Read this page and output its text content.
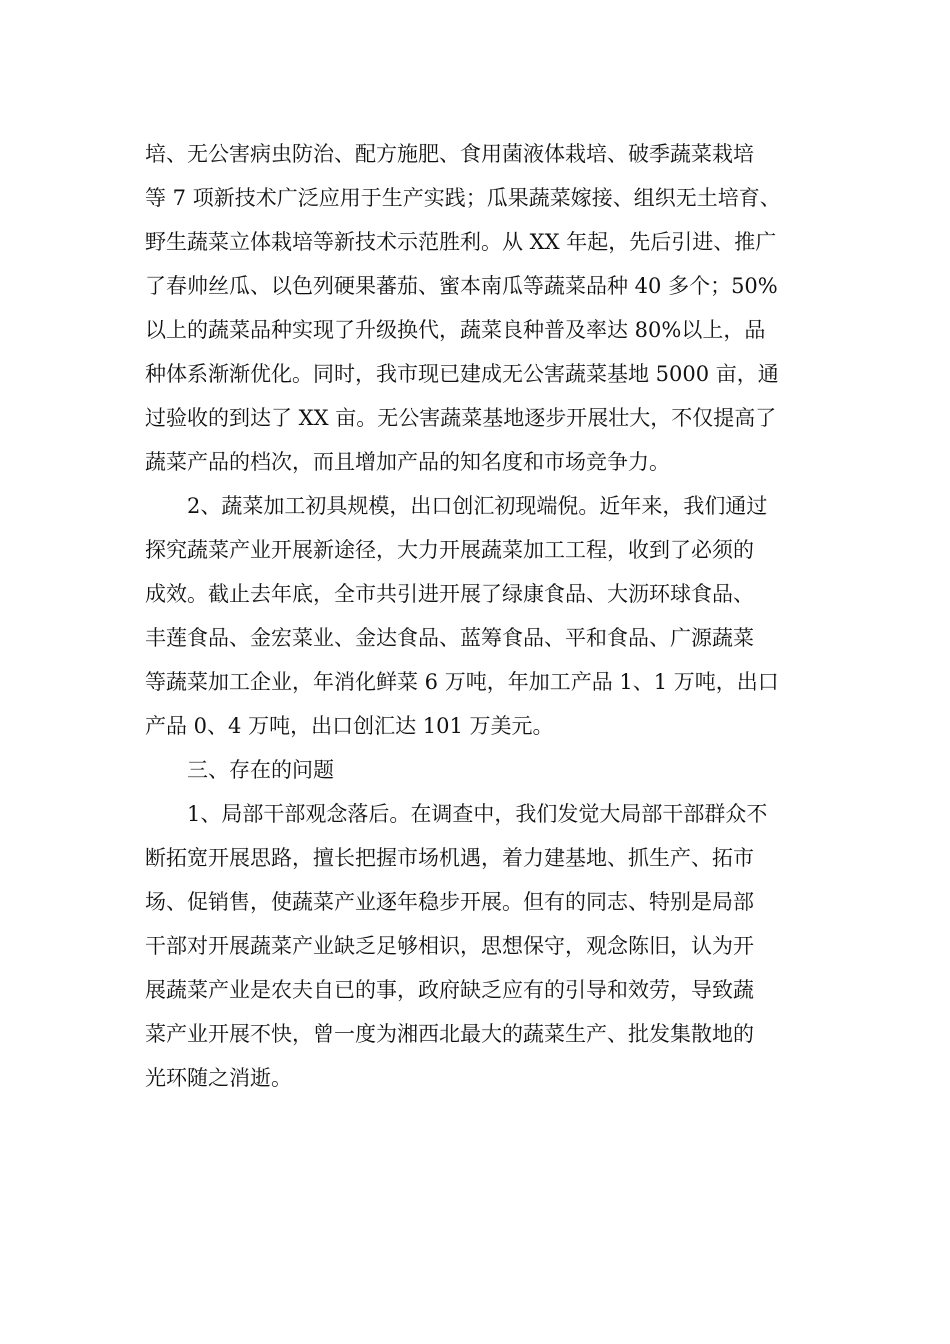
培、无公害病虫防治、配方施肥、食用菌液体栽培、破季蔬菜栽培
等 7 项新技术广泛应用于生产实践；瓜果蔬菜嫁接、组织无土培育、
野生蔬菜立体栽培等新技术示范胜利。从 XX 年起，先后引进、推广
了春帅丝瓜、以色列硬果蕃茄、蜜本南瓜等蔬菜品种 40 多个；50%
以上的蔬菜品种实现了升级换代，蔬菜良种普及率达 80%以上，品
种体系渐渐优化。同时，我市现已建成无公害蔬菜基地 5000 亩，通
过验收的到达了 XX 亩。无公害蔬菜基地逐步开展壮大，不仅提高了
蔬菜产品的档次，而且增加产品的知名度和市场竞争力。
2、蔬菜加工初具规模，出口创汇初现端倪。近年来，我们通过
探究蔬菜产业开展新途径，大力开展蔬菜加工工程，收到了必须的
成效。截止去年底，全市共引进开展了绿康食品、大沥环球食品、
丰莲食品、金宏菜业、金达食品、蓝筹食品、平和食品、广源蔬菜
等蔬菜加工企业，年消化鲜菜 6 万吨，年加工产品 1、1 万吨，出口
产品 0、4 万吨，出口创汇达 101 万美元。
三、存在的问题
1、局部干部观念落后。在调查中，我们发觉大局部干部群众不
断拓宽开展思路，擅长把握市场机遇，着力建基地、抓生产、拓市
场、促销售，使蔬菜产业逐年稳步开展。但有的同志、特别是局部
干部对开展蔬菜产业缺乏足够相识，思想保守，观念陈旧，认为开
展蔬菜产业是农夫自已的事，政府缺乏应有的引导和效劳，导致蔬
菜产业开展不快，曾一度为湘西北最大的蔬菜生产、批发集散地的
光环随之消逝。
